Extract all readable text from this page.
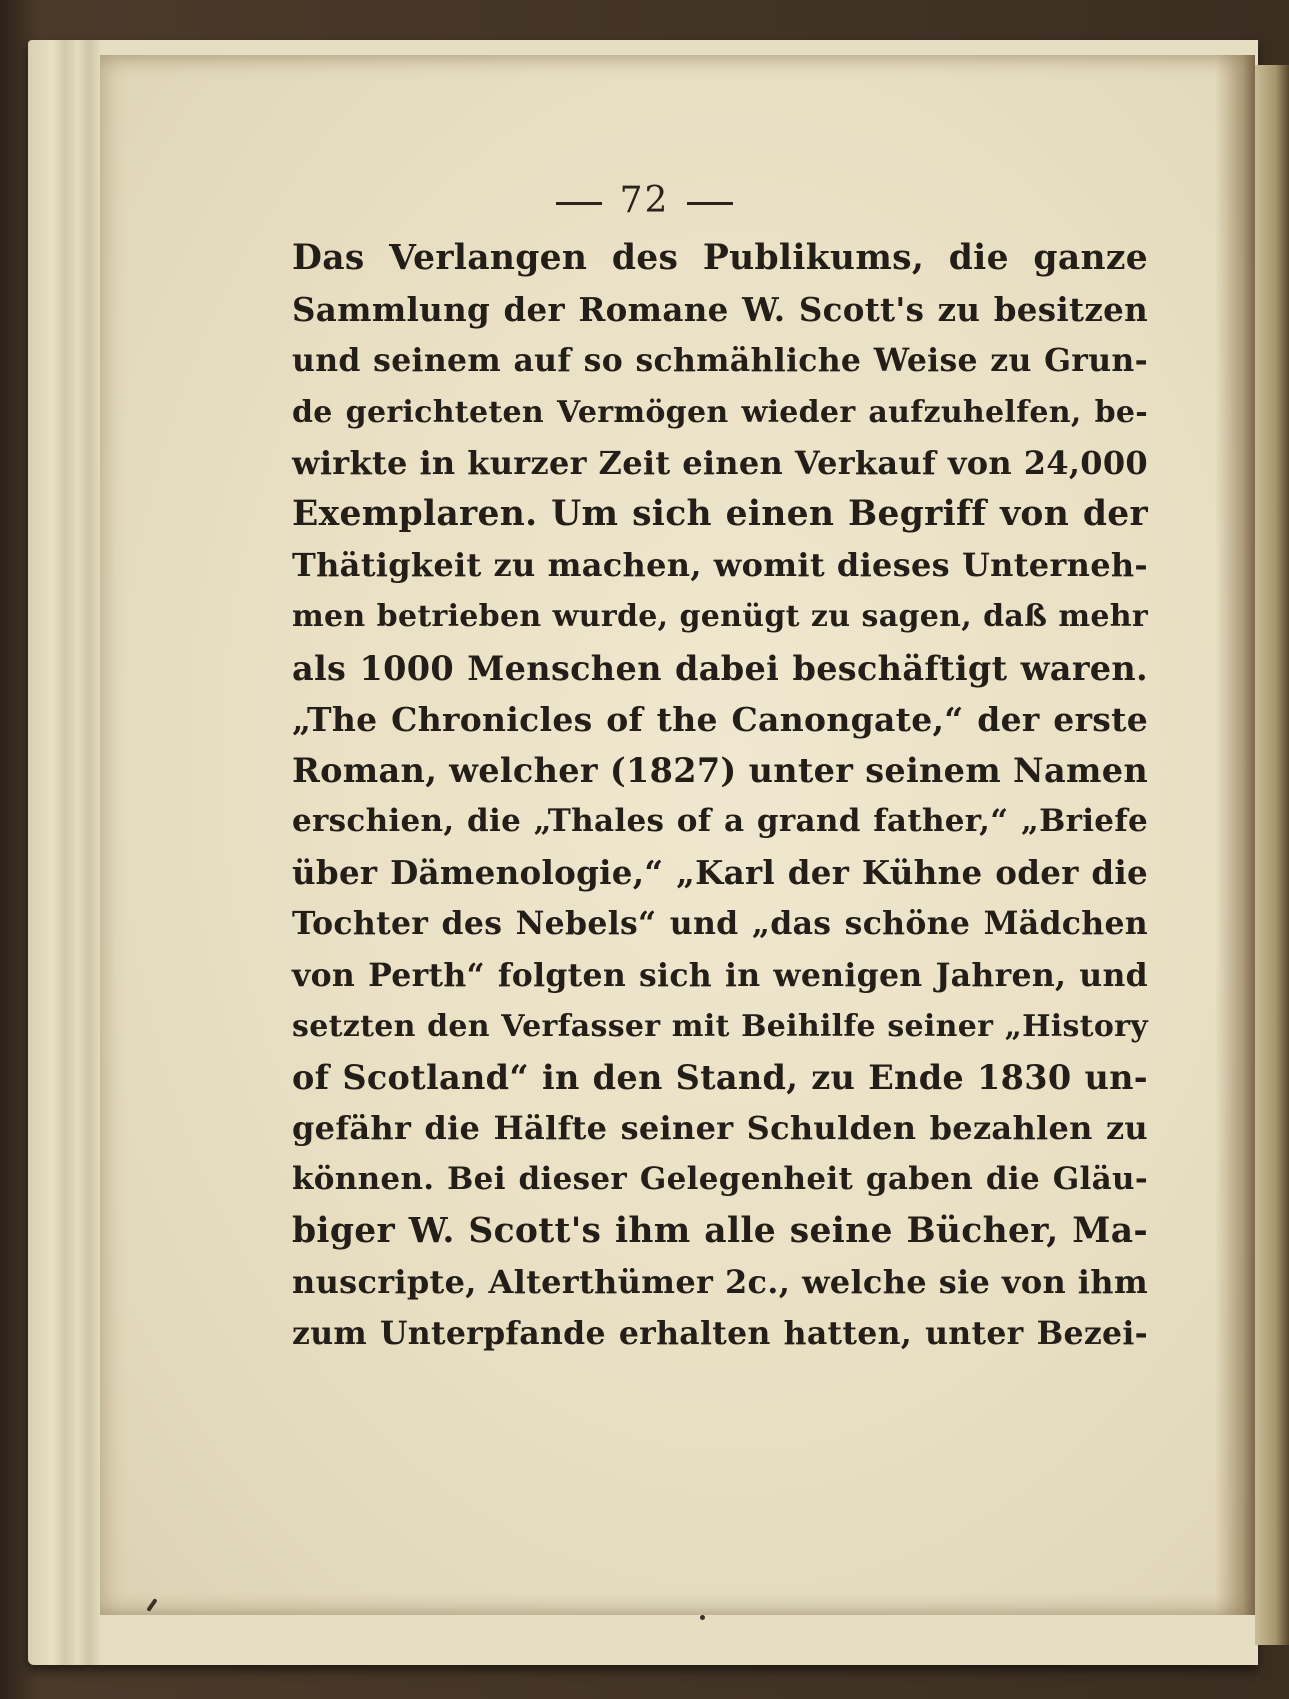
72
Das Verlangen des Publikums, die ganze
Sammlung der Romane W. Scott's zu besitzen
und seinem auf so schmähliche Weise zu Grun-
de gerichteten Vermögen wieder aufzuhelfen, be-
wirkte in kurzer Zeit einen Verkauf von 24,000
Exemplaren. Um sich einen Begriff von der
Thätigkeit zu machen, womit dieses Unterneh-
men betrieben wurde, genügt zu sagen, daß mehr
als 1000 Menschen dabei beschäftigt waren.
„The Chronicles of the Canongate,“ der erste
Roman, welcher (1827) unter seinem Namen
erschien, die „Thales of a grand father,“ „Briefe
über Dämenologie,“ „Karl der Kühne oder die
Tochter des Nebels“ und „das schöne Mädchen
von Perth“ folgten sich in wenigen Jahren, und
setzten den Verfasser mit Beihilfe seiner „History
of Scotland“ in den Stand, zu Ende 1830 un-
gefähr die Hälfte seiner Schulden bezahlen zu
können. Bei dieser Gelegenheit gaben die Gläu-
biger W. Scott's ihm alle seine Bücher, Ma-
nuscripte, Alterthümer 2c., welche sie von ihm
zum Unterpfande erhalten hatten, unter Bezei-
